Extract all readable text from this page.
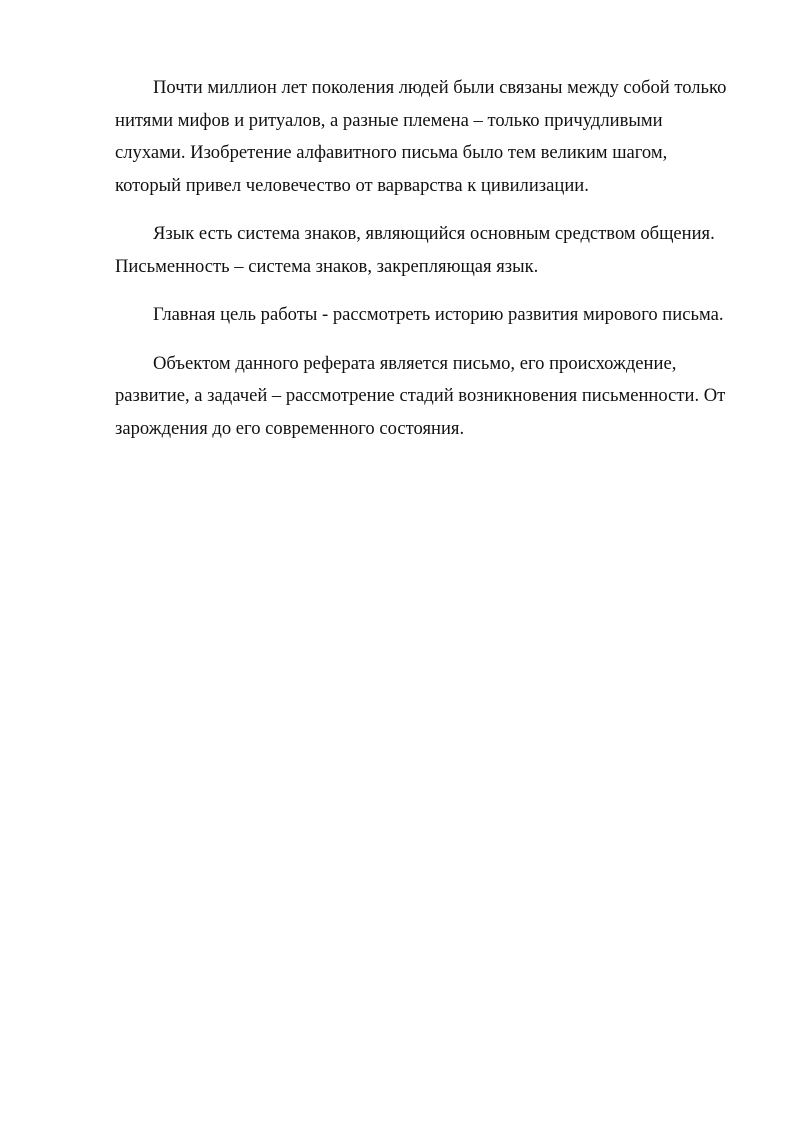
Почти миллион лет поколения людей были связаны между собой только
нитями мифов и ритуалов, а разные племена – только причудливыми
слухами. Изобретение алфавитного письма было тем великим шагом,
который привел человечество от варварства к цивилизации.

Язык есть система знаков, являющийся основным средством общения.
Письменность – система знаков, закрепляющая язык.

Главная цель работы - рассмотреть историю развития мирового письма.

Объектом данного реферата является письмо, его происхождение,
развитие, а задачей – рассмотрение стадий возникновения письменности. От
зарождения до его современного состояния.
